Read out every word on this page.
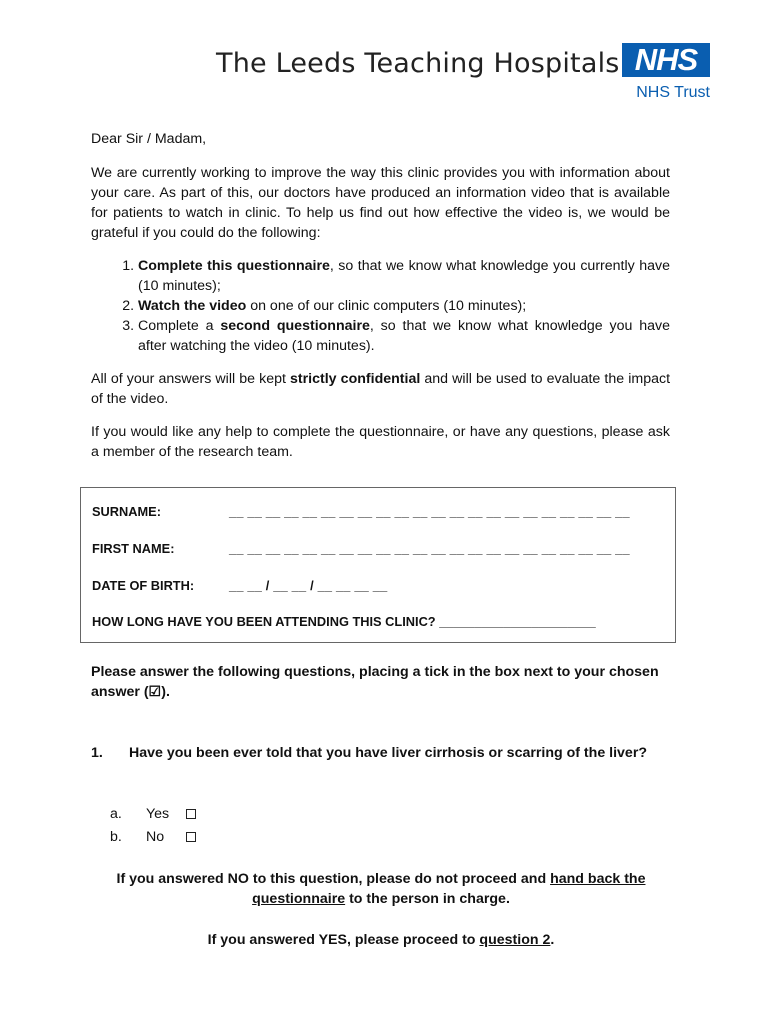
The Leeds Teaching Hospitals NHS
NHS Trust

Dear Sir / Madam,

We are currently working to improve the way this clinic provides you with information about your care. As part of this, our doctors have produced an information video that is available for patients to watch in clinic. To help us find out how effective the video is, we would be grateful if you could do the following:

1. Complete this questionnaire, so that we know what knowledge you currently have (10 minutes);
2. Watch the video on one of our clinic computers (10 minutes);
3. Complete a second questionnaire, so that we know what knowledge you have after watching the video (10 minutes).

All of your answers will be kept strictly confidential and will be used to evaluate the impact of the video.

If you would like any help to complete the questionnaire, or have any questions, please ask a member of the research team.

SURNAME:	__ __ __ __ __ __ __ __ __ __ __ __ __ __ __ __ __ __ __ __ __ __
FIRST NAME:	__ __ __ __ __ __ __ __ __ __ __ __ __ __ __ __ __ __ __ __ __ __
DATE OF BIRTH:	__ __ / __ __ / __ __ __ __
HOW LONG HAVE YOU BEEN ATTENDING THIS CLINIC? ______________________
Please answer the following questions, placing a tick in the box next to your chosen answer (☑).
1. Have you been ever told that you have liver cirrhosis or scarring of the liver?
a. Yes
b. No
If you answered NO to this question, please do not proceed and hand back the questionnaire to the person in charge.
If you answered YES, please proceed to question 2.
